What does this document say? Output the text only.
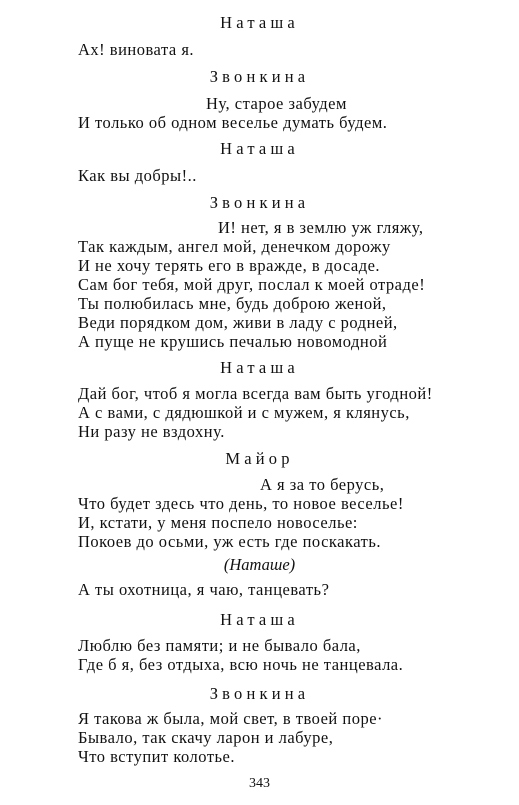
Наташа
Ах! виновата я.
Звонкина
Ну, старое забудем
И только об одном веселье думать будем.
Наташа
Как вы добры!..
Звонкина
И! нет, я в землю уж гляжу,
Так каждым, ангел мой, денечком дорожу
И не хочу терять его в вражде, в досаде.
Сам бог тебя, мой друг, послал к моей отраде!
Ты полюбилась мне, будь доброю женой,
Веди порядком дом, живи в ладу с родней,
А пуще не крушись печалью новомодной
Наташа
Дай бог, чтоб я могла всегда вам быть угодной!
А с вами, с дядюшкой и с мужем, я клянусь,
Ни разу не вздохну.
Майор
А я за то берусь,
Что будет здесь что день, то новое веселье!
И, кстати, у меня поспело новоселье:
Покоев до осьми, уж есть где поскакать.
(Наташе)
А ты охотница, я чаю, танцевать?
Наташа
Люблю без памяти; и не бывало бала,
Где б я, без отдыха, всю ночь не танцевала.
Звонкина
Я такова ж была, мой свет, в твоей поре·
Бывало, так скачу ларон и лабуре,
Что вступит колотье.
343
